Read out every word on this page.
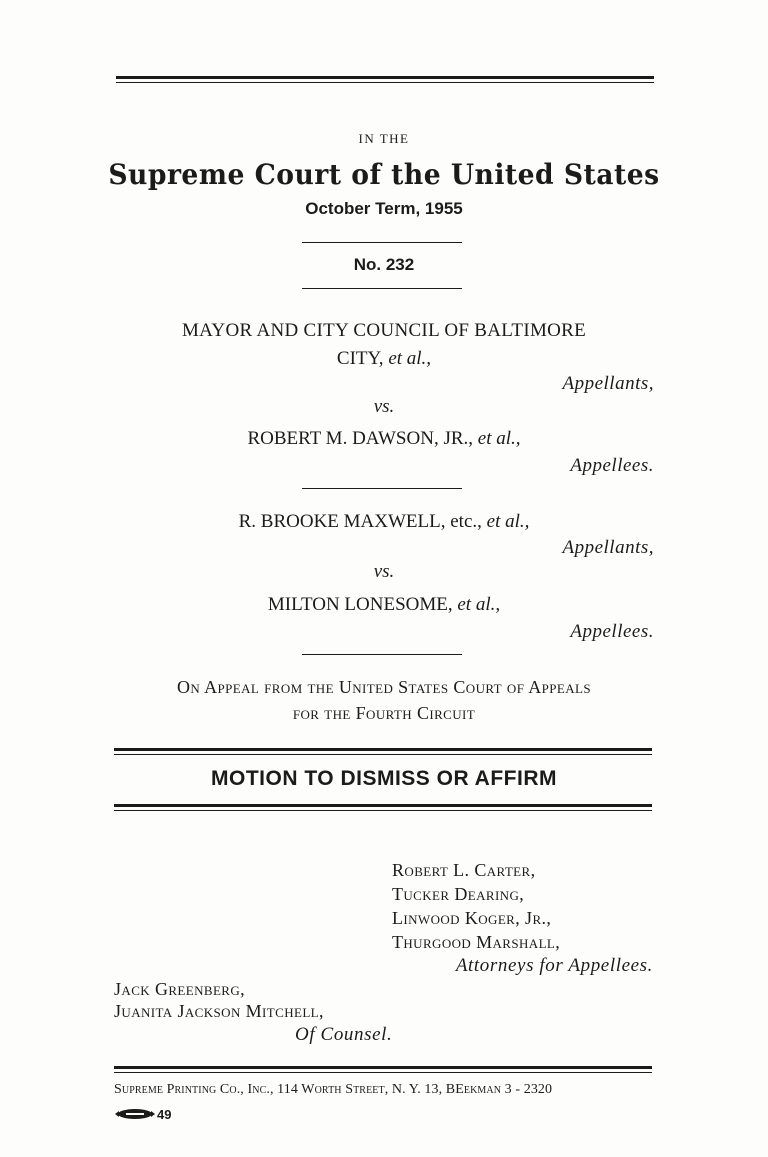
IN THE
Supreme Court of the United States
October Term, 1955
No. 232
MAYOR AND CITY COUNCIL OF BALTIMORE
CITY, et al.,
Appellants,
vs.
ROBERT M. DAWSON, JR., et al.,
Appellees.
R. BROOKE MAXWELL, etc., et al.,
Appellants,
vs.
MILTON LONESOME, et al.,
Appellees.
On Appeal from the United States Court of Appeals
for the Fourth Circuit
MOTION TO DISMISS OR AFFIRM
Robert L. Carter,
Tucker Dearing,
Linwood Koger, Jr.,
Thurgood Marshall,
Attorneys for Appellees.
Jack Greenberg,
Juanita Jackson Mitchell,
Of Counsel.
Supreme Printing Co., Inc., 114 Worth Street, N. Y. 13, BEekman 3 - 2320
49
